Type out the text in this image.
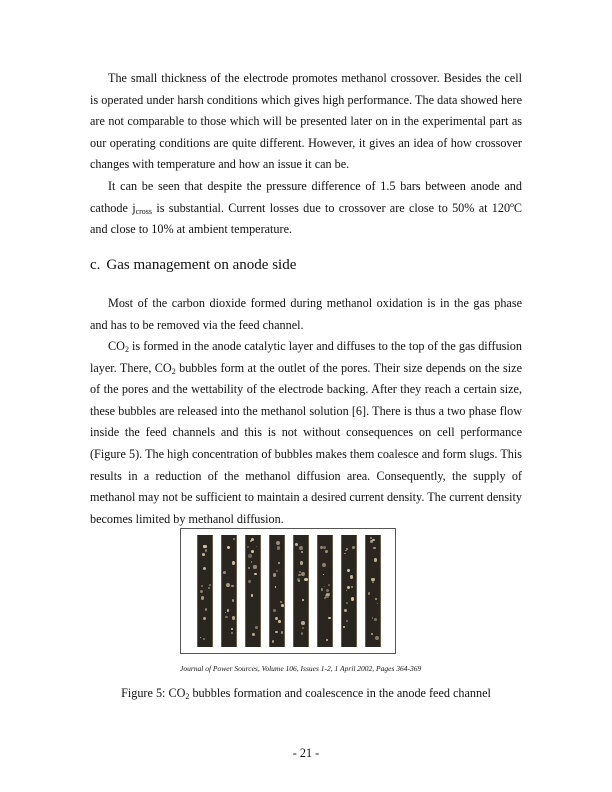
The small thickness of the electrode promotes methanol crossover. Besides the cell is operated under harsh conditions which gives high performance. The data showed here are not comparable to those which will be presented later on in the experimental part as our operating conditions are quite different. However, it gives an idea of how crossover changes with temperature and how an issue it can be.

It can be seen that despite the pressure difference of 1.5 bars between anode and cathode $j_{cross}$ is substantial. Current losses due to crossover are close to 50% at 120ºC and close to 10% at ambient temperature.

c. Gas management on anode side

Most of the carbon dioxide formed during methanol oxidation is in the gas phase and has to be removed via the feed channel.

$CO_2$ is formed in the anode catalytic layer and diffuses to the top of the gas diffusion layer. There, $CO_2$ bubbles form at the outlet of the pores. Their size depends on the size of the pores and the wettability of the electrode backing. After they reach a certain size, these bubbles are released into the methanol solution [6]. There is thus a two phase flow inside the feed channels and this is not without consequences on cell performance (Figure 5). The high concentration of bubbles makes them coalesce and form slugs. This results in a reduction of the methanol diffusion area. Consequently, the supply of methanol may not be sufficient to maintain a desired current density. The current density becomes limited by methanol diffusion.

Journal of Power Sources, Volume 106, Issues 1-2, 1 April 2002, Pages 364-369

Figure 5: $CO_2$ bubbles formation and coalescence in the anode feed channel

- 21 -
